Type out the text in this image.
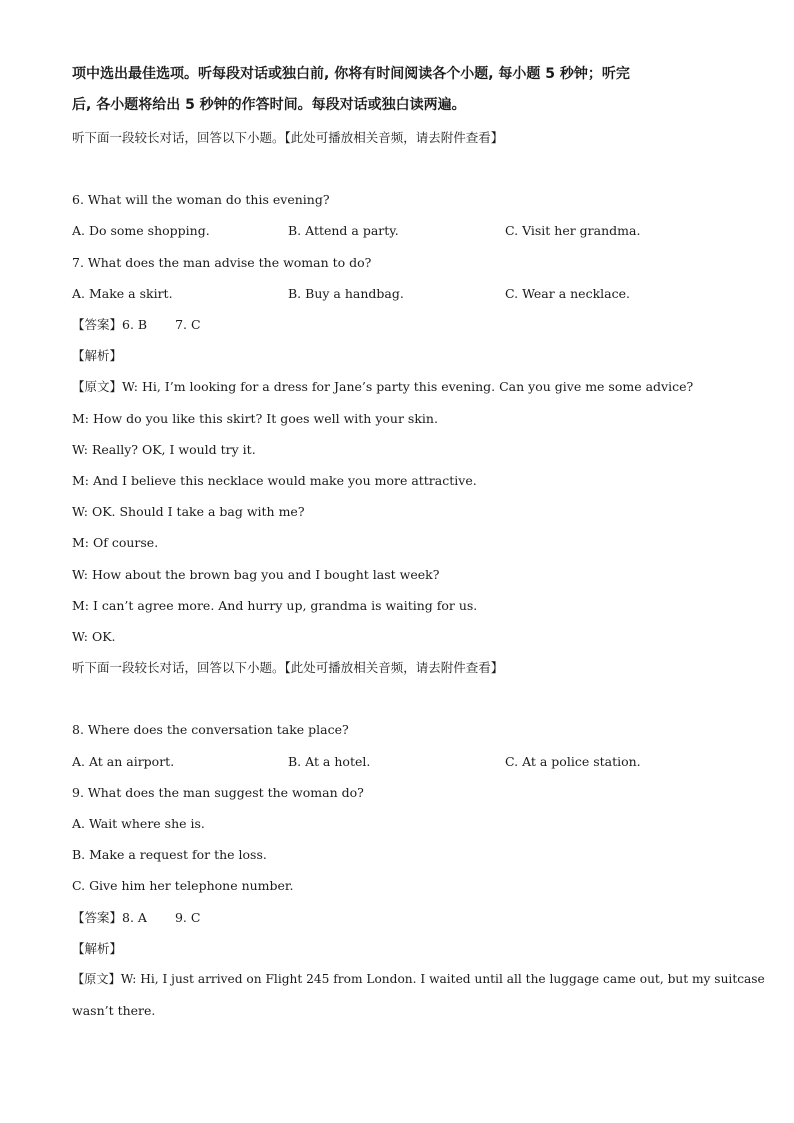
项中选出最佳选项。听每段对话或独白前, 你将有时间阅读各个小题, 每小题 5 秒钟；听完

后, 各小题将给出 5 秒钟的作答时间。每段对话或独白读两遍。

听下面一段较长对话，回答以下小题。【此处可播放相关音频，请去附件查看】

6. What will the woman do this evening?

A. Do some shopping.	B. Attend a party.	C. Visit her grandma.

7. What does the man advise the woman to do?

A. Make a skirt.	B. Buy a handbag.	C. Wear a necklace.

【答案】6. B 7. C

【解析】

【原文】W: Hi, I’m looking for a dress for Jane’s party this evening. Can you give me some advice?

M: How do you like this skirt? It goes well with your skin.

W: Really? OK, I would try it.

M: And I believe this necklace would make you more attractive.

W: OK. Should I take a bag with me?

M: Of course.

W: How about the brown bag you and I bought last week?

M: I can’t agree more. And hurry up, grandma is waiting for us.

W: OK.

听下面一段较长对话，回答以下小题。【此处可播放相关音频，请去附件查看】

8. Where does the conversation take place?

A. At an airport.	B. At a hotel.	C. At a police station.

9. What does the man suggest the woman do?

A. Wait where she is.

B. Make a request for the loss.

C. Give him her telephone number.

【答案】8. A 9. C

【解析】

【原文】W: Hi, I just arrived on Flight 245 from London. I waited until all the luggage came out, but my suitcase

wasn’t there.
